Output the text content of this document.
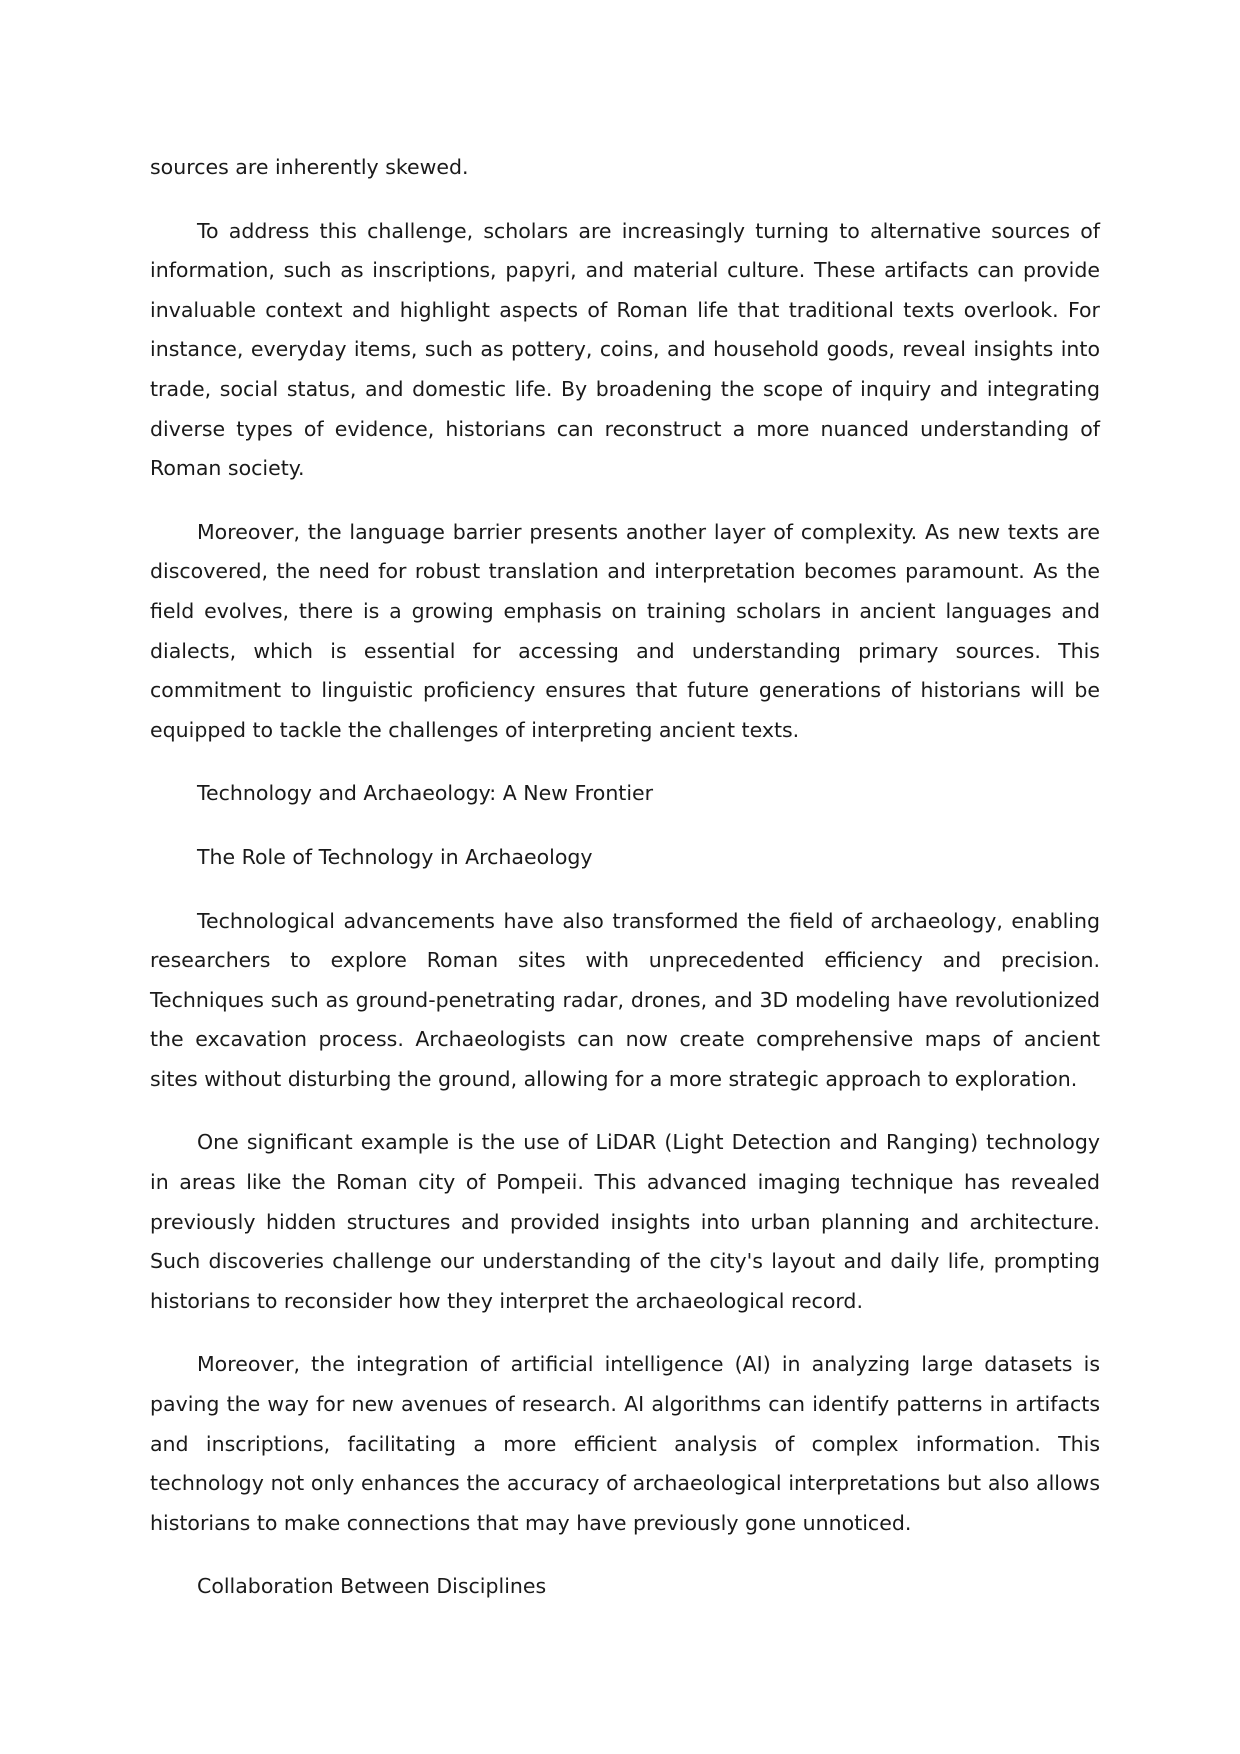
sources are inherently skewed.

To address this challenge, scholars are increasingly turning to alternative sources of information, such as inscriptions, papyri, and material culture. These artifacts can provide invaluable context and highlight aspects of Roman life that traditional texts overlook. For instance, everyday items, such as pottery, coins, and household goods, reveal insights into trade, social status, and domestic life. By broadening the scope of inquiry and integrating diverse types of evidence, historians can reconstruct a more nuanced understanding of Roman society.

Moreover, the language barrier presents another layer of complexity. As new texts are discovered, the need for robust translation and interpretation becomes paramount. As the field evolves, there is a growing emphasis on training scholars in ancient languages and dialects, which is essential for accessing and understanding primary sources. This commitment to linguistic proficiency ensures that future generations of historians will be equipped to tackle the challenges of interpreting ancient texts.

Technology and Archaeology: A New Frontier

The Role of Technology in Archaeology

Technological advancements have also transformed the field of archaeology, enabling researchers to explore Roman sites with unprecedented efficiency and precision. Techniques such as ground-penetrating radar, drones, and 3D modeling have revolutionized the excavation process. Archaeologists can now create comprehensive maps of ancient sites without disturbing the ground, allowing for a more strategic approach to exploration.

One significant example is the use of LiDAR (Light Detection and Ranging) technology in areas like the Roman city of Pompeii. This advanced imaging technique has revealed previously hidden structures and provided insights into urban planning and architecture. Such discoveries challenge our understanding of the city's layout and daily life, prompting historians to reconsider how they interpret the archaeological record.

Moreover, the integration of artificial intelligence (AI) in analyzing large datasets is paving the way for new avenues of research. AI algorithms can identify patterns in artifacts and inscriptions, facilitating a more efficient analysis of complex information. This technology not only enhances the accuracy of archaeological interpretations but also allows historians to make connections that may have previously gone unnoticed.

Collaboration Between Disciplines
